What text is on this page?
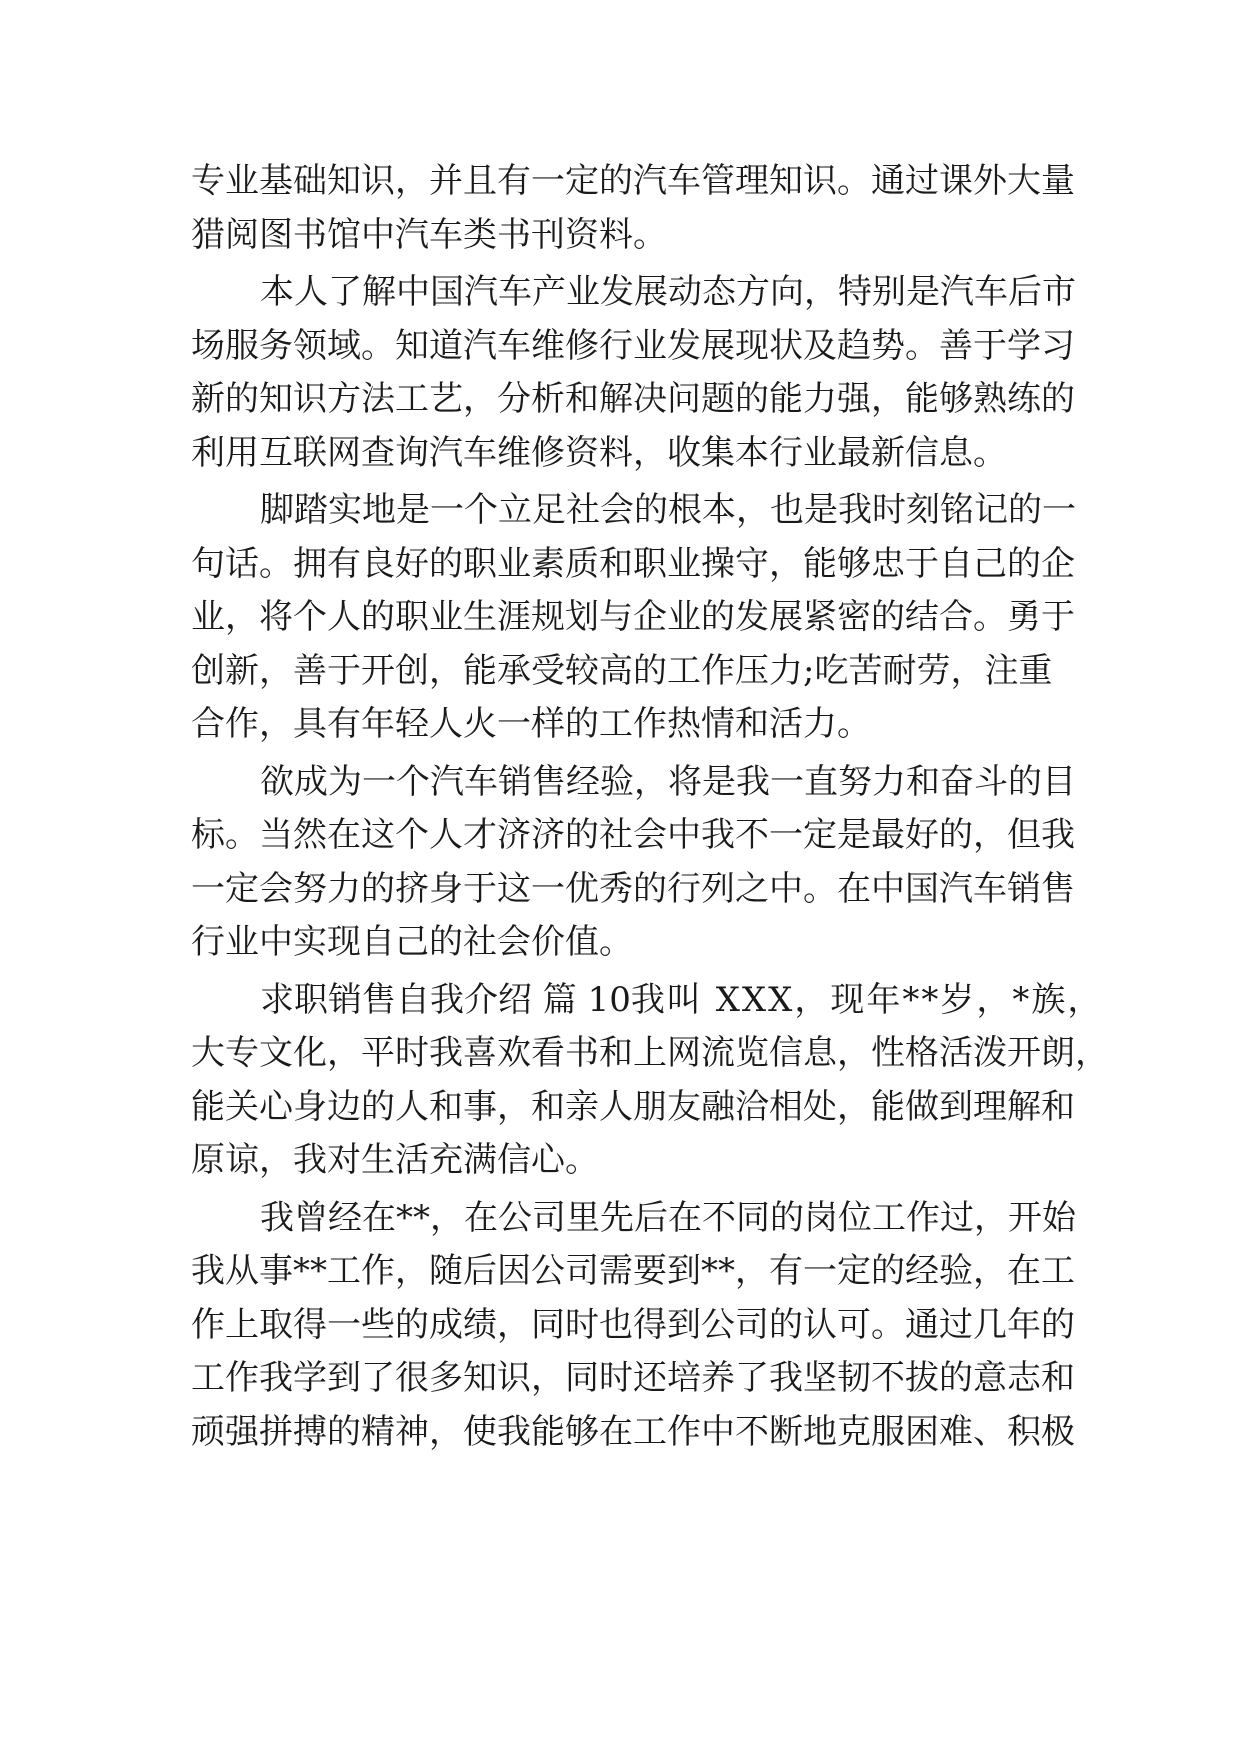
专业基础知识，并且有一定的汽车管理知识。通过课外大量
猎阅图书馆中汽车类书刊资料。
本人了解中国汽车产业发展动态方向，特别是汽车后市
场服务领域。知道汽车维修行业发展现状及趋势。善于学习
新的知识方法工艺，分析和解决问题的能力强，能够熟练的
利用互联网查询汽车维修资料，收集本行业最新信息。
脚踏实地是一个立足社会的根本，也是我时刻铭记的一
句话。拥有良好的职业素质和职业操守，能够忠于自己的企
业，将个人的职业生涯规划与企业的发展紧密的结合。勇于
创新，善于开创，能承受较高的工作压力;吃苦耐劳，注重
合作，具有年轻人火一样的工作热情和活力。
欲成为一个汽车销售经验，将是我一直努力和奋斗的目
标。当然在这个人才济济的社会中我不一定是最好的，但我
一定会努力的挤身于这一优秀的行列之中。在中国汽车销售
行业中实现自己的社会价值。
求职销售自我介绍 篇 10 我叫 XXX，现年**岁，*族，
大专文化，平时我喜欢看书和上网流览信息，性格活泼开朗，
能关心身边的人和事，和亲人朋友融洽相处，能做到理解和
原谅，我对生活充满信心。
我曾经在**，在公司里先后在不同的岗位工作过，开始
我从事**工作，随后因公司需要到**，有一定的经验，在工
作上取得一些的成绩，同时也得到公司的认可。通过几年的
工作我学到了很多知识，同时还培养了我坚韧不拔的意志和
顽强拼搏的精神，使我能够在工作中不断地克服困难、积极
